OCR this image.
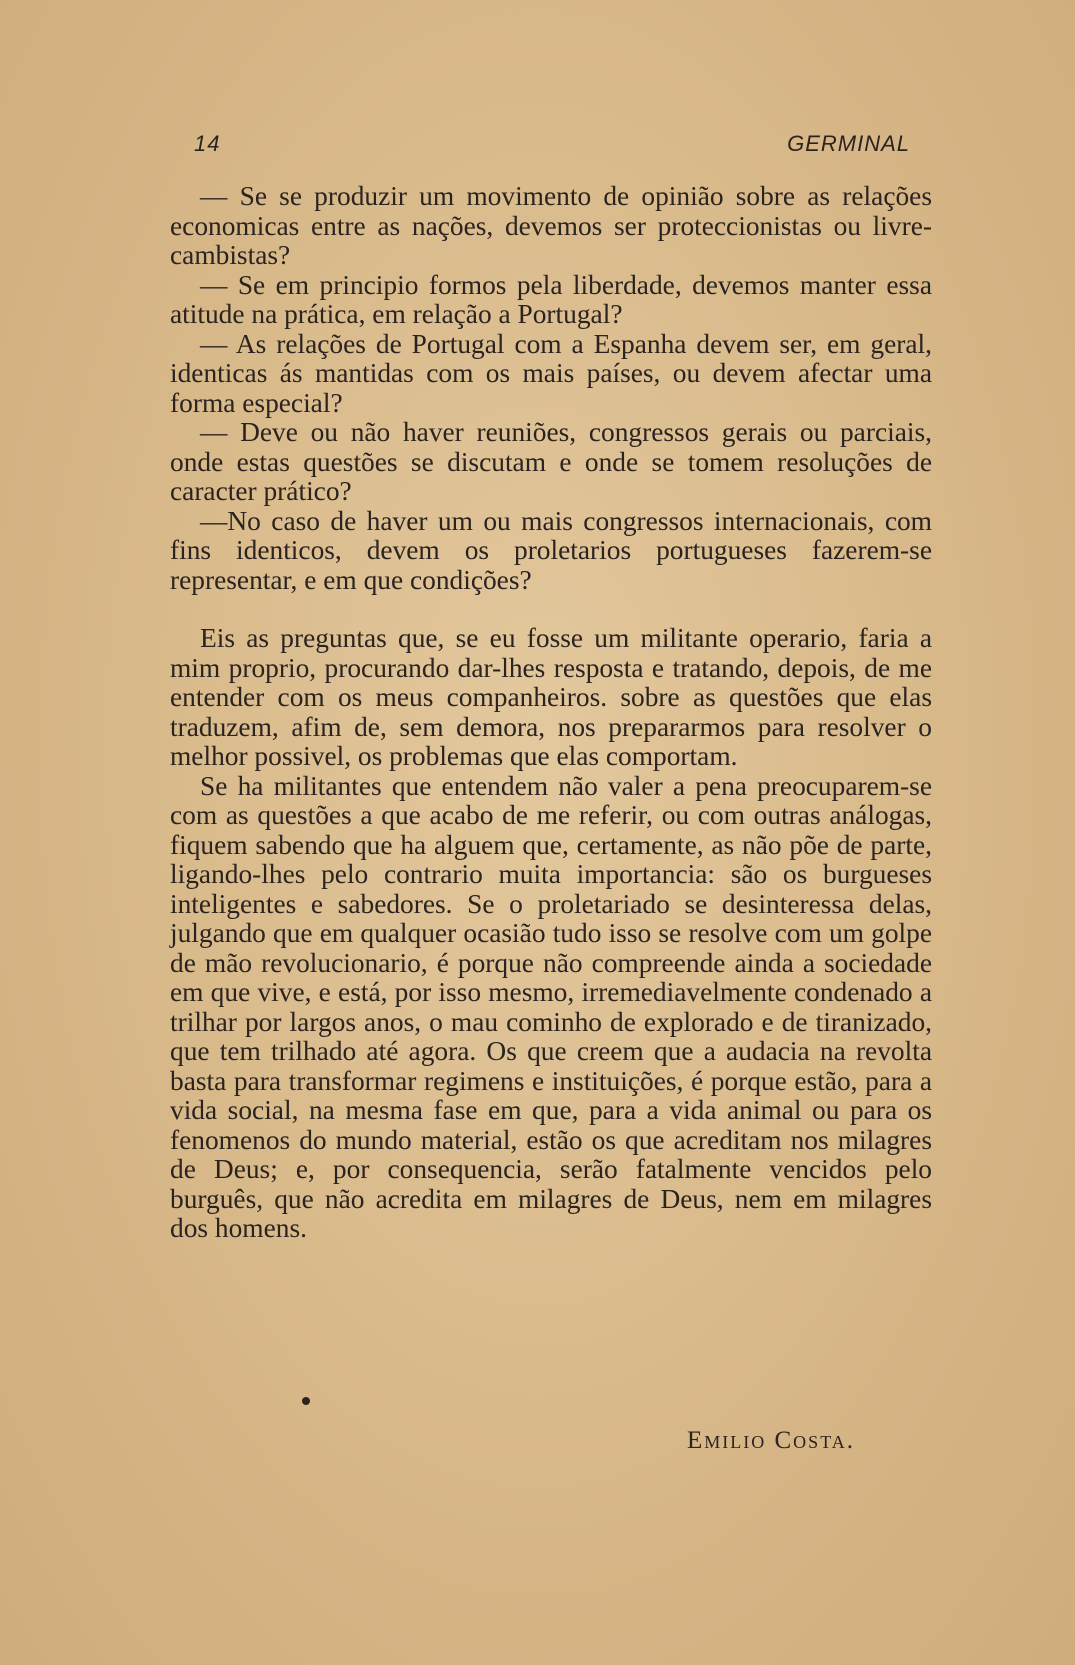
14	GERMINAL

— Se se produzir um movimento de opinião sobre as relações economicas entre as nações, devemos ser proteccionistas ou livre-cambistas?

— Se em principio formos pela liberdade, devemos manter essa atitude na prática, em relação a Portugal?

— As relações de Portugal com a Espanha devem ser, em geral, identicas ás mantidas com os mais países, ou devem afectar uma forma especial?

— Deve ou não haver reuniões, congressos gerais ou parciais, onde estas questões se discutam e onde se tomem resoluções de caracter prático?

—No caso de haver um ou mais congressos internacionais, com fins identicos, devem os proletarios portugueses fazerem-se representar, e em que condições?

Eis as preguntas que, se eu fosse um militante operario, faria a mim proprio, procurando dar-lhes resposta e tratando, depois, de me entender com os meus companheiros. sobre as questões que elas traduzem, afim de, sem demora, nos prepararmos para resolver o melhor possivel, os problemas que elas comportam.

Se ha militantes que entendem não valer a pena preocuparem-se com as questões a que acabo de me referir, ou com outras análogas, fiquem sabendo que ha alguem que, certamente, as não põe de parte, ligando-lhes pelo contrario muita importancia: são os burgueses inteligentes e sabedores. Se o proletariado se desinteressa delas, julgando que em qualquer ocasião tudo isso se resolve com um golpe de mão revolucionario, é porque não compreende ainda a sociedade em que vive, e está, por isso mesmo, irremediavelmente condenado a trilhar por largos anos, o mau cominho de explorado e de tiranizado, que tem trilhado até agora. Os que creem que a audacia na revolta basta para transformar regimens e instituições, é porque estão, para a vida social, na mesma fase em que, para a vida animal ou para os fenomenos do mundo material, estão os que acreditam nos milagres de Deus; e, por consequencia, serão fatalmente vencidos pelo burguês, que não acredita em milagres de Deus, nem em milagres dos homens.

Emilio Costa.
